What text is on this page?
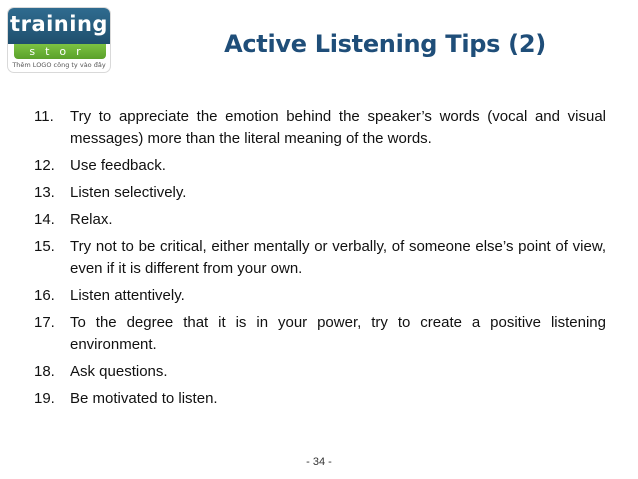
training
stor
Thêm LOGO công ty vào đây
Active Listening Tips (2)
11.	Try to appreciate the emotion behind the speaker’s words (vocal and visual messages) more than the literal meaning of the words.
12.	Use feedback.
13.	Listen selectively.
14.	Relax.
15.	Try not to be critical, either mentally or verbally, of someone else’s point of view, even if it is different from your own.
16.	Listen attentively.
17.	To the degree that it is in your power, try to create a positive listening environment.
18.	Ask questions.
19.	Be motivated to listen.
- 34 -
